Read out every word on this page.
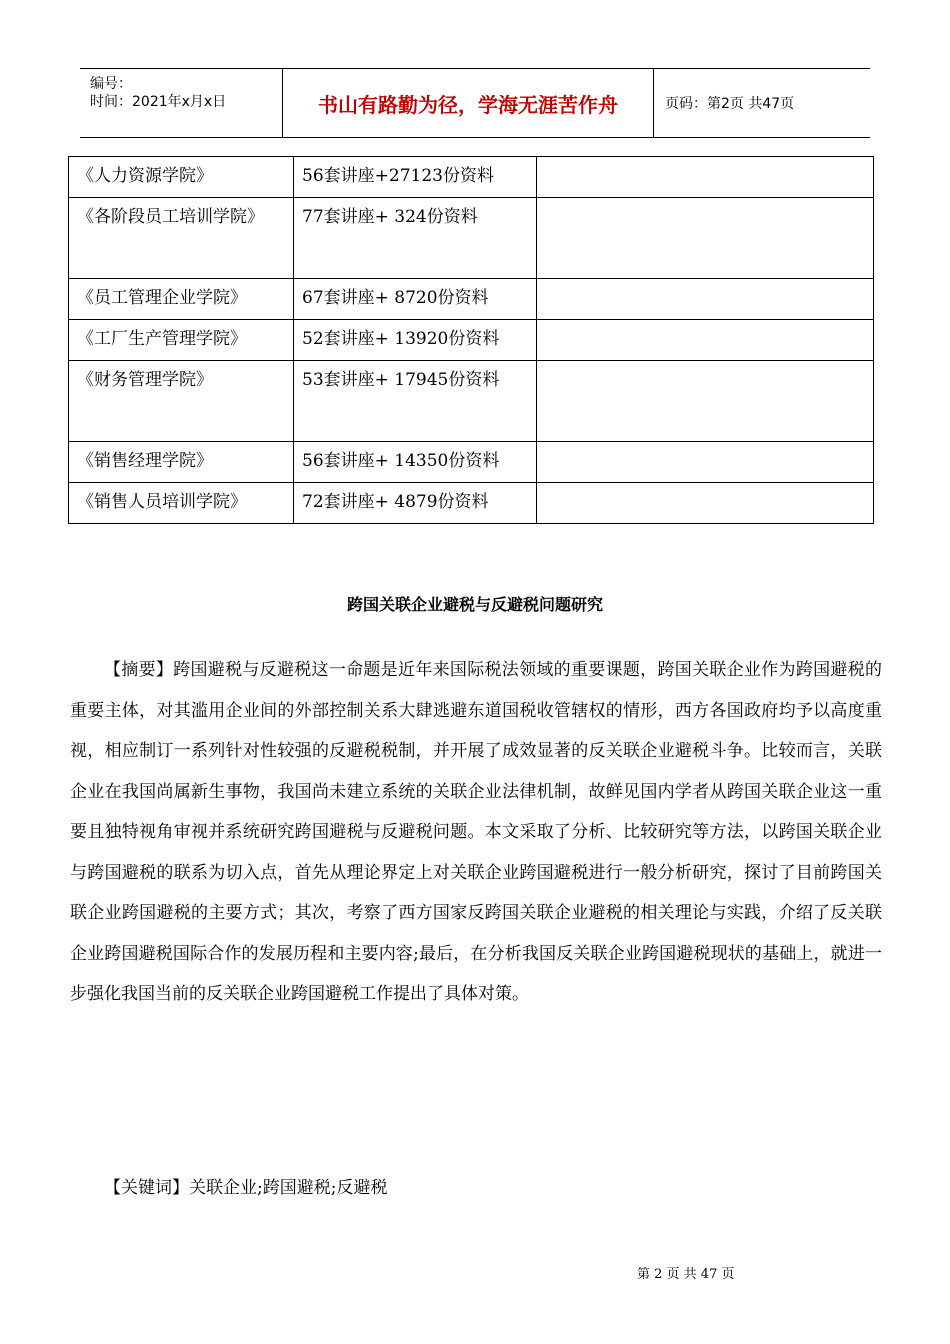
编号：
时间：2021年x月x日	书山有路勤为径，学海无涯苦作舟	页码：第2页 共47页
《人力资源学院》	56套讲座+27123份资料	
《各阶段员工培训学院》	77套讲座+ 324份资料	
《员工管理企业学院》	67套讲座+ 8720份资料	
《工厂生产管理学院》	52套讲座+ 13920份资料	
《财务管理学院》	53套讲座+ 17945份资料	
《销售经理学院》	56套讲座+ 14350份资料	
《销售人员培训学院》	72套讲座+ 4879份资料	
跨国关联企业避税与反避税问题研究

【摘要】跨国避税与反避税这一命题是近年来国际税法领域的重要课题，跨国关联企业作为跨国避税的重要主体，对其滥用企业间的外部控制关系大肆逃避东道国税收管辖权的情形，西方各国政府均予以高度重视，相应制订一系列针对性较强的反避税税制，并开展了成效显著的反关联企业避税斗争。比较而言，关联企业在我国尚属新生事物，我国尚未建立系统的关联企业法律机制，故鲜见国内学者从跨国关联企业这一重要且独特视角审视并系统研究跨国避税与反避税问题。本文采取了分析、比较研究等方法，以跨国关联企业与跨国避税的联系为切入点，首先从理论界定上对关联企业跨国避税进行一般分析研究，探讨了目前跨国关联企业跨国避税的主要方式；其次，考察了西方国家反跨国关联企业避税的相关理论与实践，介绍了反关联企业跨国避税国际合作的发展历程和主要内容;最后，在分析我国反关联企业跨国避税现状的基础上，就进一步强化我国当前的反关联企业跨国避税工作提出了具体对策。

【关键词】关联企业;跨国避税;反避税

第 2 页 共 47 页
